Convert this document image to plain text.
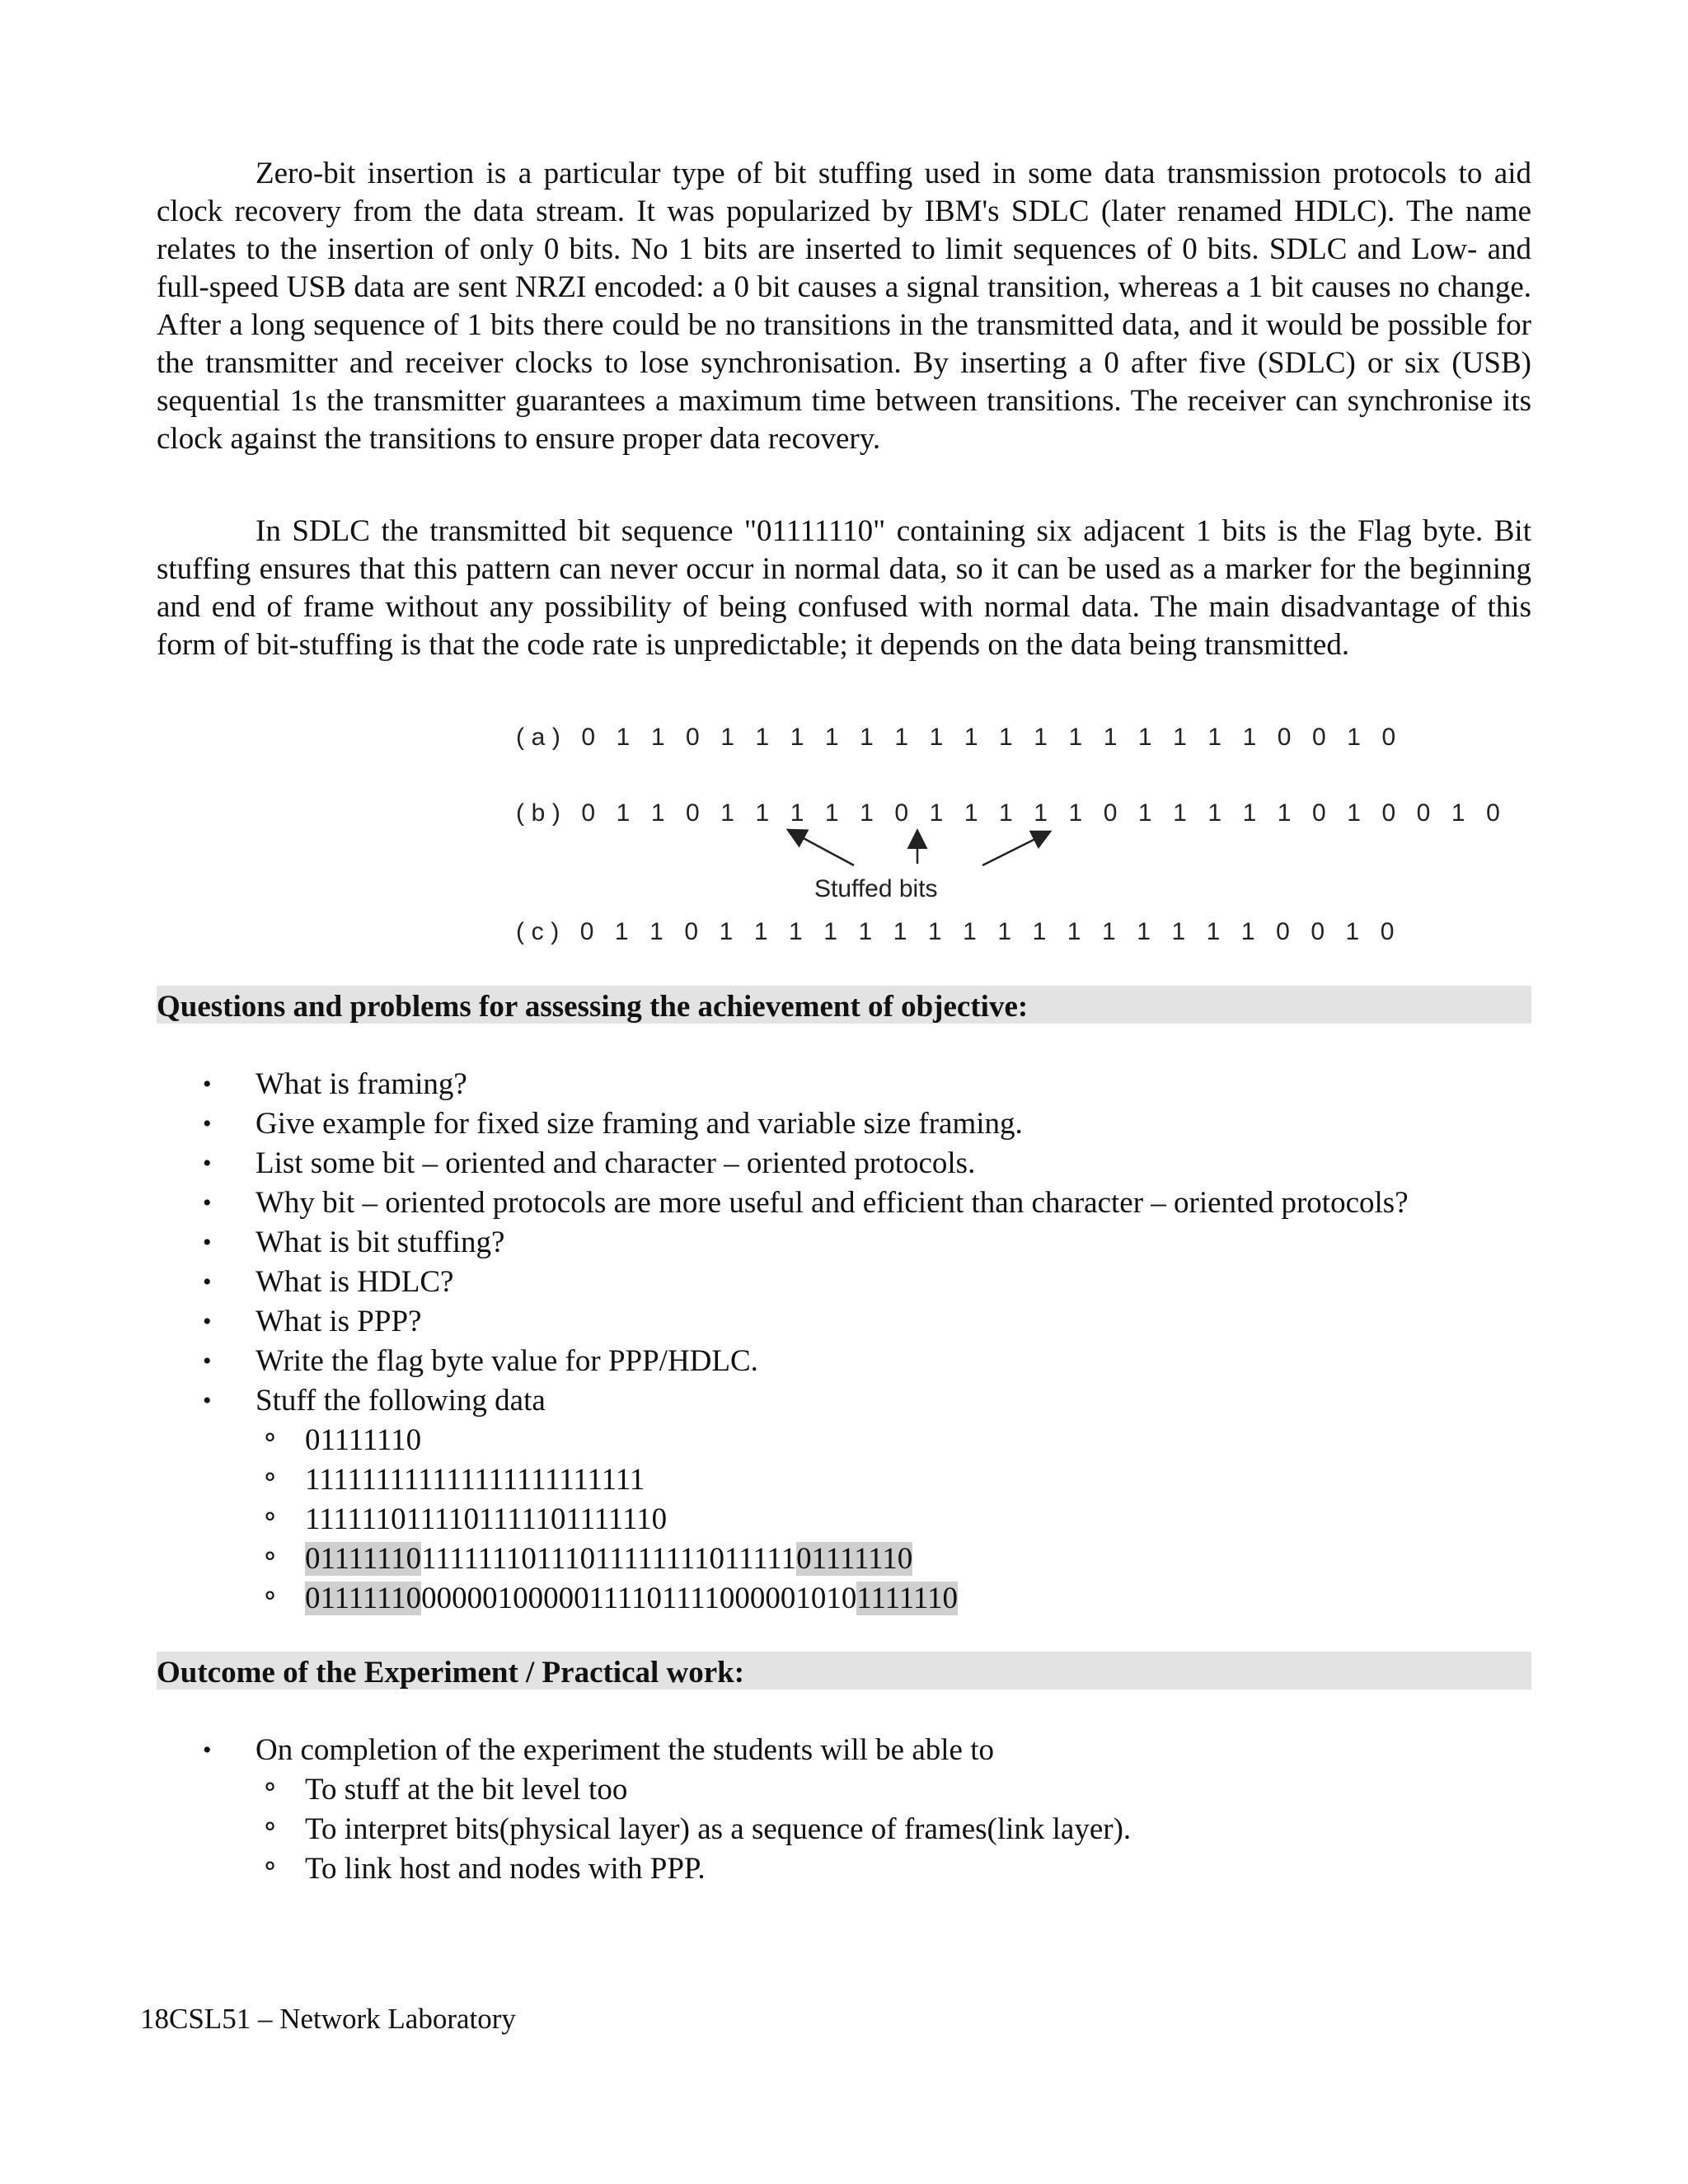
Zero-bit insertion is a particular type of bit stuffing used in some data transmission protocols to aid clock recovery from the data stream. It was popularized by IBM's SDLC (later renamed HDLC). The name relates to the insertion of only 0 bits. No 1 bits are inserted to limit sequences of 0 bits. SDLC and Low- and full-speed USB data are sent NRZI encoded: a 0 bit causes a signal transition, whereas a 1 bit causes no change. After a long sequence of 1 bits there could be no transitions in the transmitted data, and it would be possible for the transmitter and receiver clocks to lose synchronisation. By inserting a 0 after five (SDLC) or six (USB) sequential 1s the transmitter guarantees a maximum time between transitions. The receiver can synchronise its clock against the transitions to ensure proper data recovery.

In SDLC the transmitted bit sequence "01111110" containing six adjacent 1 bits is the Flag byte. Bit stuffing ensures that this pattern can never occur in normal data, so it can be used as a marker for the beginning and end of frame without any possibility of being confused with normal data. The main disadvantage of this form of bit-stuffing is that the code rate is unpredictable; it depends on the data being transmitted.

(a) 0 1 1 0 1 1 1 1 1 1 1 1 1 1 1 1 1 1 1 1 0 0 1 0
(b) 0 1 1 0 1 1 1 1 1 0 1 1 1 1 1 0 1 1 1 1 1 0 1 0 0 1 0
(c) 0 1 1 0 1 1 1 1 1 1 1 1 1 1 1 1 1 1 1 1 0 0 1 0
Stuffed bits
Questions and problems for assessing the achievement of objective:
• What is framing?
• Give example for fixed size framing and variable size framing.
• List some bit – oriented and character – oriented protocols.
• Why bit – oriented protocols are more useful and efficient than character – oriented protocols?
• What is bit stuffing?
• What is HDLC?
• What is PPP?
• Write the flag byte value for PPP/HDLC.
• Stuff the following data
⚬ 01111110
⚬ 111111111111111111111111
⚬ 1111110111101111101111110
⚬ 011111101111111011101111111101111101111110
⚬ 01111110000001000001111011110000010101111110
Outcome of the Experiment / Practical work:
• On completion of the experiment the students will be able to
⚬ To stuff at the bit level too
⚬ To interpret bits(physical layer) as a sequence of frames(link layer).
⚬ To link host and nodes with PPP.
18CSL51 – Network Laboratory
